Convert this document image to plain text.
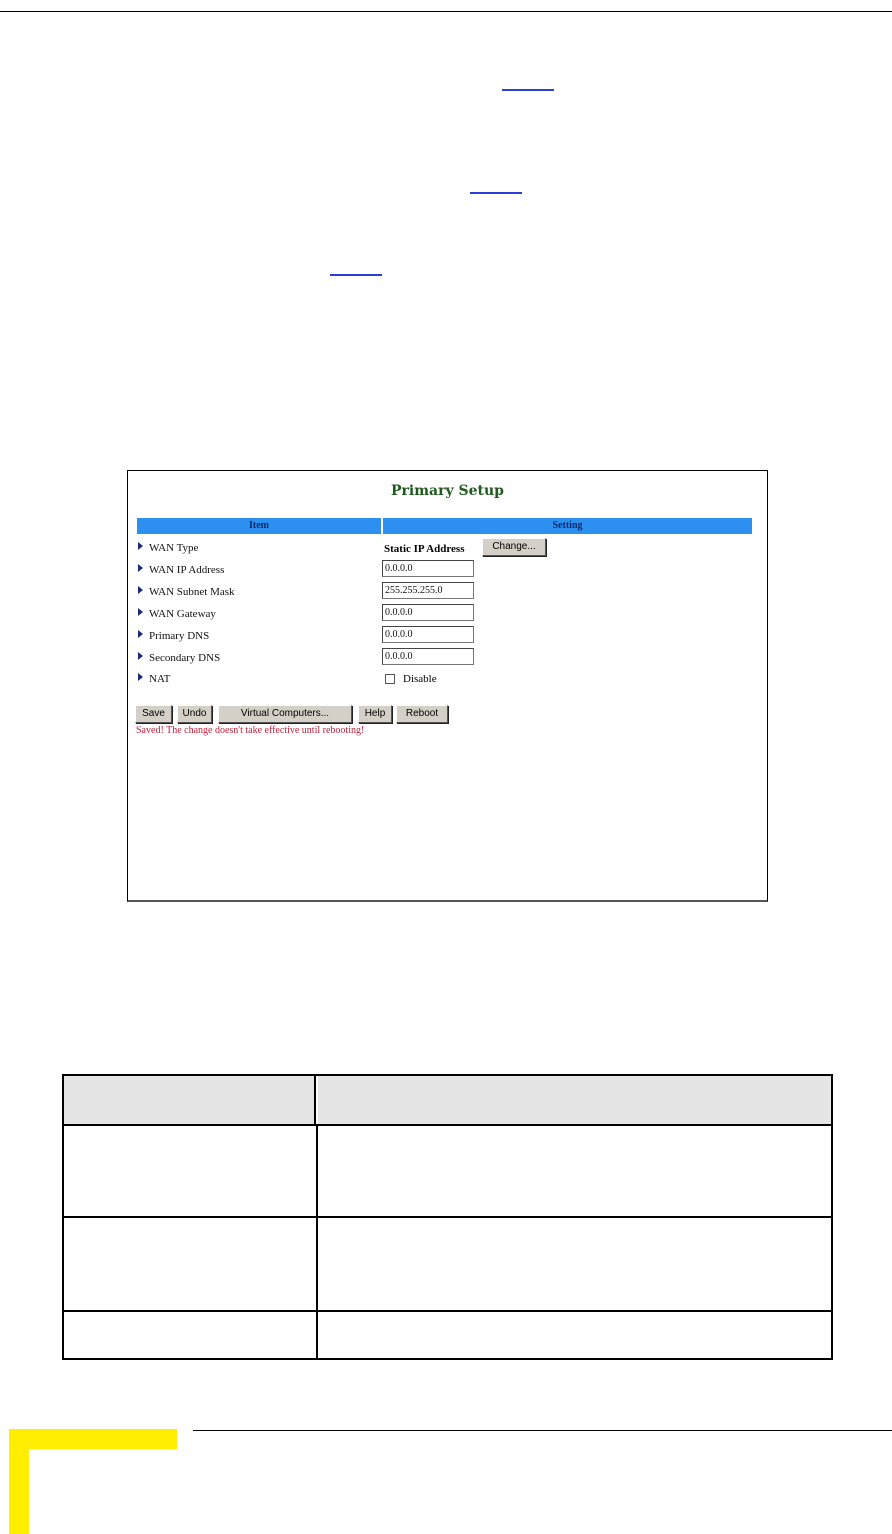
Primary Setup
Item	Setting
WAN Type	Static IP Address	Change...
WAN IP Address	0.0.0.0
WAN Subnet Mask	255.255.255.0
WAN Gateway	0.0.0.0
Primary DNS	0.0.0.0
Secondary DNS	0.0.0.0
NAT	Disable
Save	Undo	Virtual Computers...	Help	Reboot
Saved! The change doesn't take effective until rebooting!
